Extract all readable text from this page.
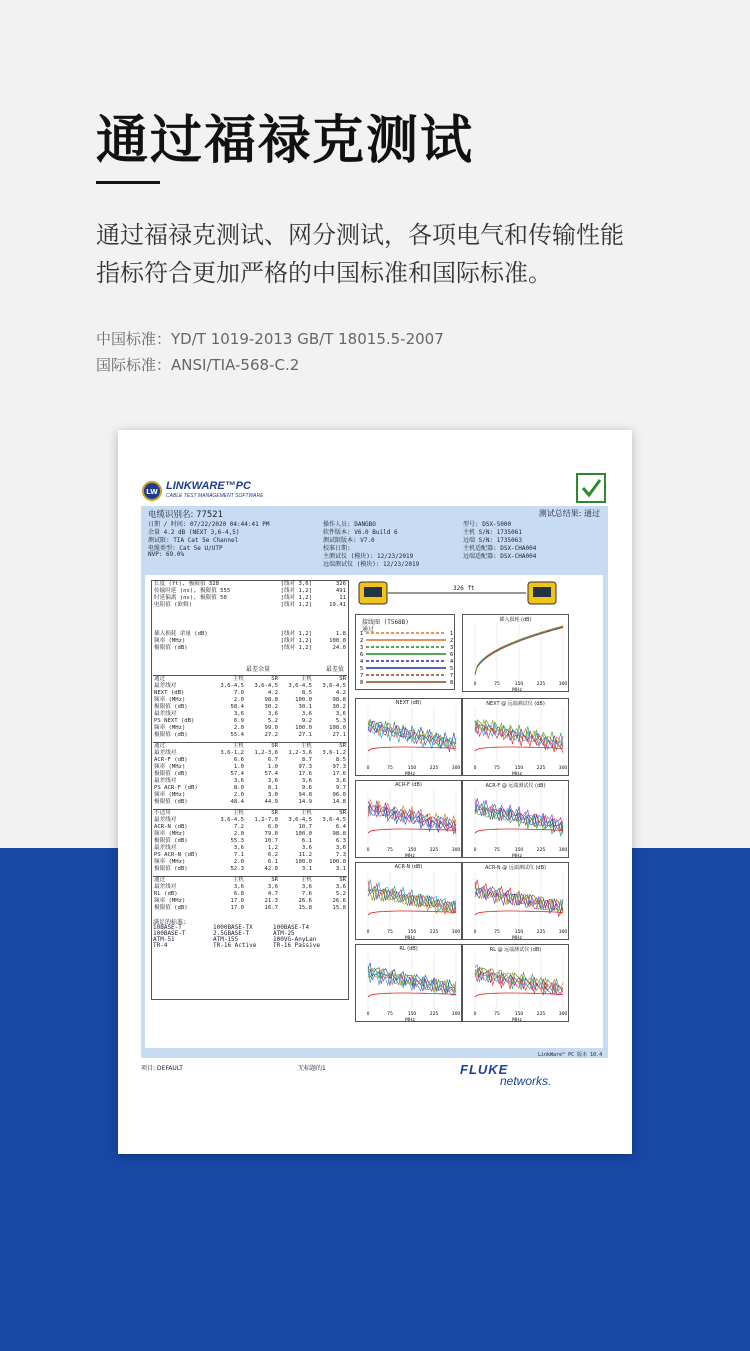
通过福禄克测试
通过福禄克测试、网分测试，各项电气和传输性能
指标符合更加严格的中国标准和国际标准。
中国标准：YD/T 1019-2013 GB/T 18015.5-2007
国际标准：ANSI/TIA-568-C.2
LW LINKWARE™PC
CABLE TEST MANAGEMENT SOFTWARE
电缆识别名: 77521	测试总结果: 通过
日期 / 时间: 07/22/2020 04:44:41 PM
余量 4.2 dB (NEXT 3,6-4,5)
测试限: TIA Cat 5e Channel
电缆类型: Cat 5e U/UTP
NVP: 69.0%
操作人员: DANGBO
软件版本: V6.0 Build 6
测试限版本: V7.0
校准日期:
主测试仪 (模块): 12/23/2019
远端测试仪 (模块): 12/23/2019
型号: DSX-5000
主机 S/N: 1735061
远端 S/N: 1735063
主机适配器: DSX-CHA004
远端适配器: DSX-CHA004
长度 (ft), 极限值 328	[线对 3,6]	326
传输时延 (ns), 极限值 555	[线对 1,2]	491
时延偏离 (ns), 极限值 50	[线对 1,2]	11
电阻值 (欧姆)	[线对 1,2]	19.41
插入损耗 余量 (dB)	[线对 1,2]	1.8
频率 (MHz)	[线对 1,2]	100.0
极限值 (dB)	[线对 1,2]	24.0
最差余量	最差值
通过	主机	SR	主机	SR
最差线对	3,6-4,5	3,6-4,5	3,6-4,5	3,6-4,5
NEXT (dB)	7.0	4.2	8.5	4.2
频率 (MHz)	2.0	98.8	100.0	98.8
极限值 (dB)	58.4	30.2	30.1	30.2
最差线对	3,6	3,6	3,6	3,6
PS NEXT (dB)	6.9	5.2	9.2	5.3
频率 (MHz)	2.0	99.0	100.0	100.0
极限值 (dB)	55.4	27.2	27.1	27.1
通过	主机	SR	主机	SR
最差线对	3,6-1,2	1,2-3,6	1,2-3,6	3,6-1,2
ACR-F (dB)	6.6	6.7	8.7	8.5
频率 (MHz)	1.0	1.0	97.3	97.3
极限值 (dB)	57.4	57.4	17.6	17.6
最差线对	3,6	3,6	3,6	3,6
PS ACR-F (dB)	8.0	8.1	9.6	9.7
频率 (MHz)	2.0	3.0	94.8	96.0
极限值 (dB)	48.4	44.9	14.9	14.8
不适用	主机	SR	主机	SR
最差线对	3,6-4,5	1,2-7,8	3,6-4,5	3,6-4,5
ACR-N (dB)	7.2	6.0	10.7	6.4
频率 (MHz)	2.0	79.0	100.0	98.8
极限值 (dB)	55.3	10.7	6.1	6.3
最差线对	3,6	1,2	3,6	3,6
PS ACR-N (dB)	7.1	6.2	11.2	7.3
频率 (MHz)	2.0	6.1	100.0	100.0
极限值 (dB)	52.3	42.0	3.1	3.1
通过	主机	SR	主机	SR
最差线对	3,6	3,6	3,6	3,6
RL (dB)	6.8	4.7	7.6	5.2
频率 (MHz)	17.0	21.3	26.6	26.6
极限值 (dB)	17.0	16.7	15.8	15.8
满足的标准:
10BASE-T	1000BASE-TX	100BASE-T4
100BASE-T	2.5GBASE-T	ATM-25
ATM-51	ATM-155	100VG-AnyLan
TR-4	TR-16 Active	TR-16 Passive
326 ft
接线图 (T568B)
通过
1	1
2	2
3	3
6	6
4	4
5	5
7	7
8	8
插入损耗 (dB)
0	75	150	225	300
MHz
NEXT (dB)
0	75	150	225	300
MHz
NEXT @ 远端测试仪 (dB)
0	75	150	225	300
MHz
ACR-F (dB)
0	75	150	225	300
MHz
ACR-F @ 远端测试仪 (dB)
0	75	150	225	300
MHz
ACR-N (dB)
0	75	150	225	300
MHz
ACR-N @ 远端测试仪 (dB)
0	75	150	225	300
MHz
RL (dB)
0	75	150	225	300
MHz
RL @ 远端测试仪 (dB)
0	75	150	225	300
MHz
LinkWare™ PC 版本 10.4
项目: DEFAULT	无标题的1	FLUKE
networks.
